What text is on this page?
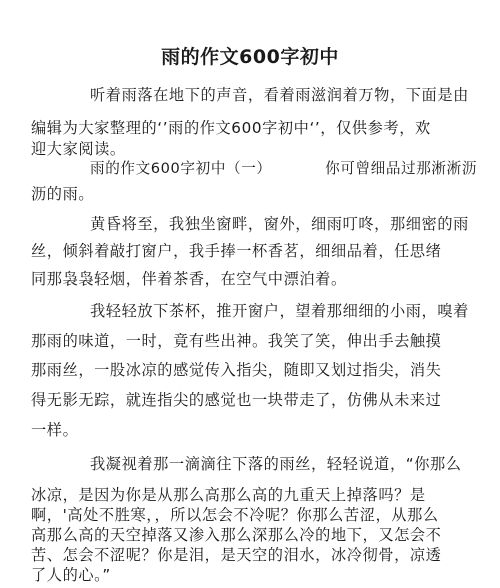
雨的作文600字初中
听着雨落在地下的声音，看着雨滋润着万物，下面是由
编辑为大家整理的‘’雨的作文600字初中‘’，仅供参考，欢
迎大家阅读。
雨的作文600字初中（一）　　　　你可曾细品过那淅淅沥
沥的雨。
黄昏将至，我独坐窗畔，窗外，细雨叮咚，那细密的雨
丝，倾斜着敲打窗户，我手捧一杯香茗，细细品着，任思绪
同那袅袅轻烟，伴着茶香，在空气中漂泊着。
我轻轻放下茶杯，推开窗户，望着那细细的小雨，嗅着
那雨的味道，一时，竟有些出神。我笑了笑，伸出手去触摸
那雨丝，一股冰凉的感觉传入指尖，随即又划过指尖，消失
得无影无踪，就连指尖的感觉也一块带走了，仿佛从未来过
一样。
我凝视着那一滴滴往下落的雨丝，轻轻说道，“你那么
冰凉，是因为你是从那么高那么高的九重天上掉落吗？是
啊，'高处不胜寒，，所以怎会不冷呢？你那么苦涩，从那么
高那么高的天空掉落又渗入那么深那么冷的地下，又怎会不
苦、怎会不涩呢？你是泪，是天空的泪水，冰冷彻骨，凉透
了人的心。”
